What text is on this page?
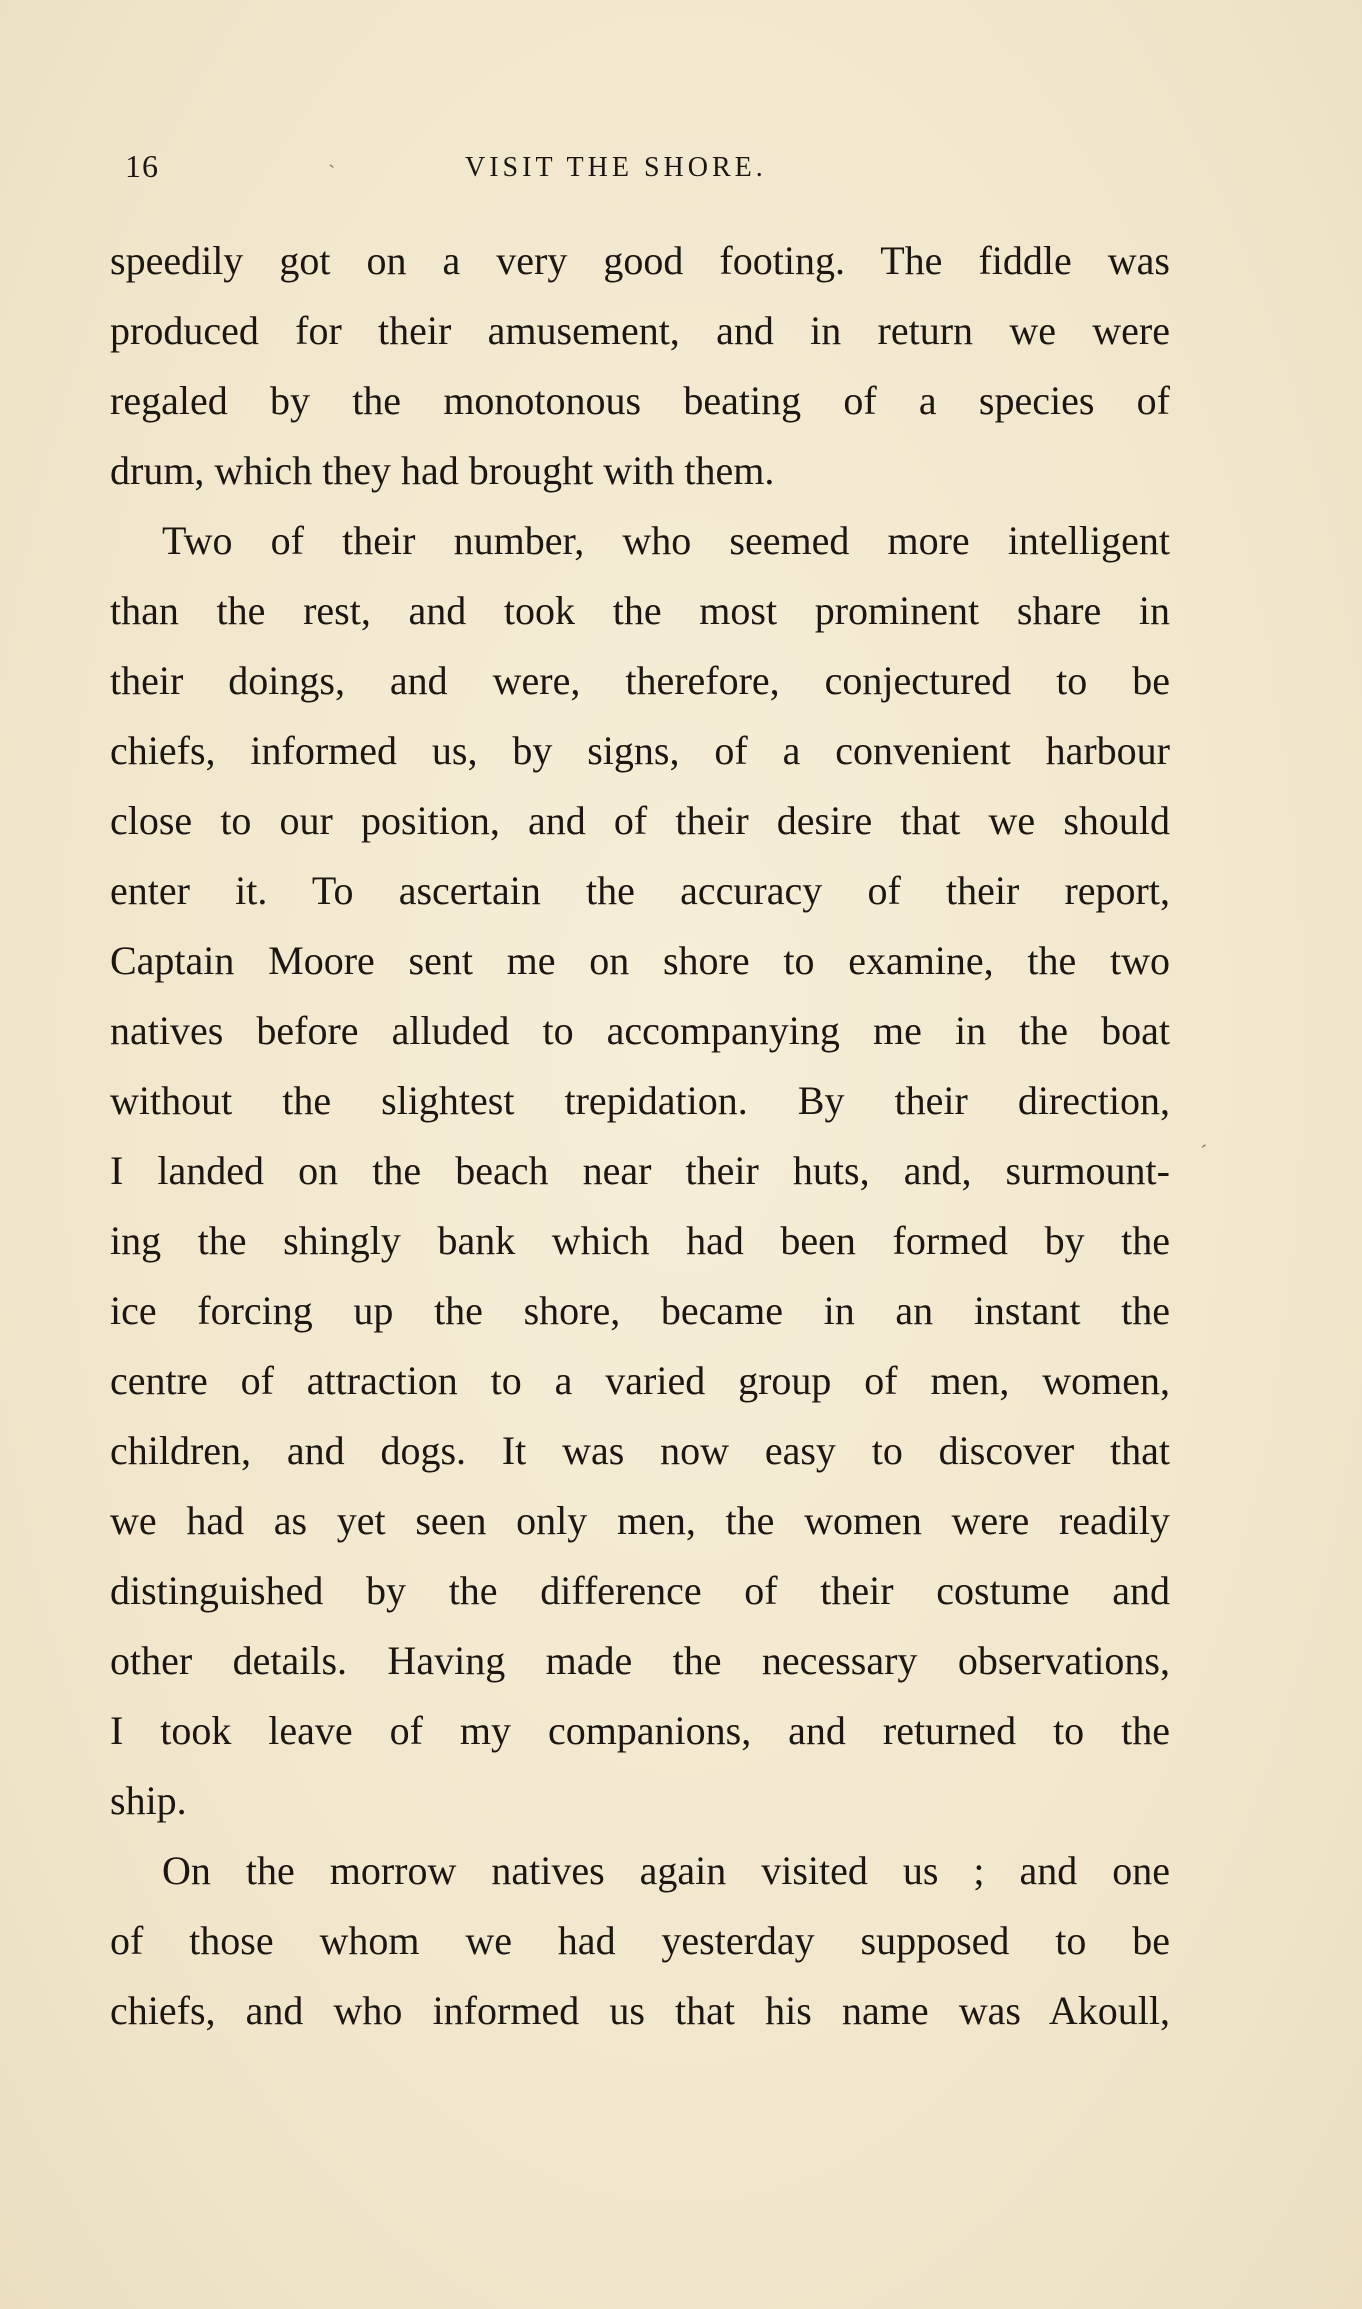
16	VISIT THE SHORE.
ˋ
ˊ
speedily got on a very good footing. The fiddle was
produced for their amusement, and in return we were
regaled by the monotonous beating of a species of
drum, which they had brought with them.
Two of their number, who seemed more intelligent
than the rest, and took the most prominent share in
their doings, and were, therefore, conjectured to be
chiefs, informed us, by signs, of a convenient harbour
close to our position, and of their desire that we should
enter it. To ascertain the accuracy of their report,
Captain Moore sent me on shore to examine, the two
natives before alluded to accompanying me in the boat
without the slightest trepidation. By their direction,
I landed on the beach near their huts, and, surmount-
ing the shingly bank which had been formed by the
ice forcing up the shore, became in an instant the
centre of attraction to a varied group of men, women,
children, and dogs. It was now easy to discover that
we had as yet seen only men, the women were readily
distinguished by the difference of their costume and
other details. Having made the necessary observations,
I took leave of my companions, and returned to the
ship.
On the morrow natives again visited us ; and one
of those whom we had yesterday supposed to be
chiefs, and who informed us that his name was Akoull,
